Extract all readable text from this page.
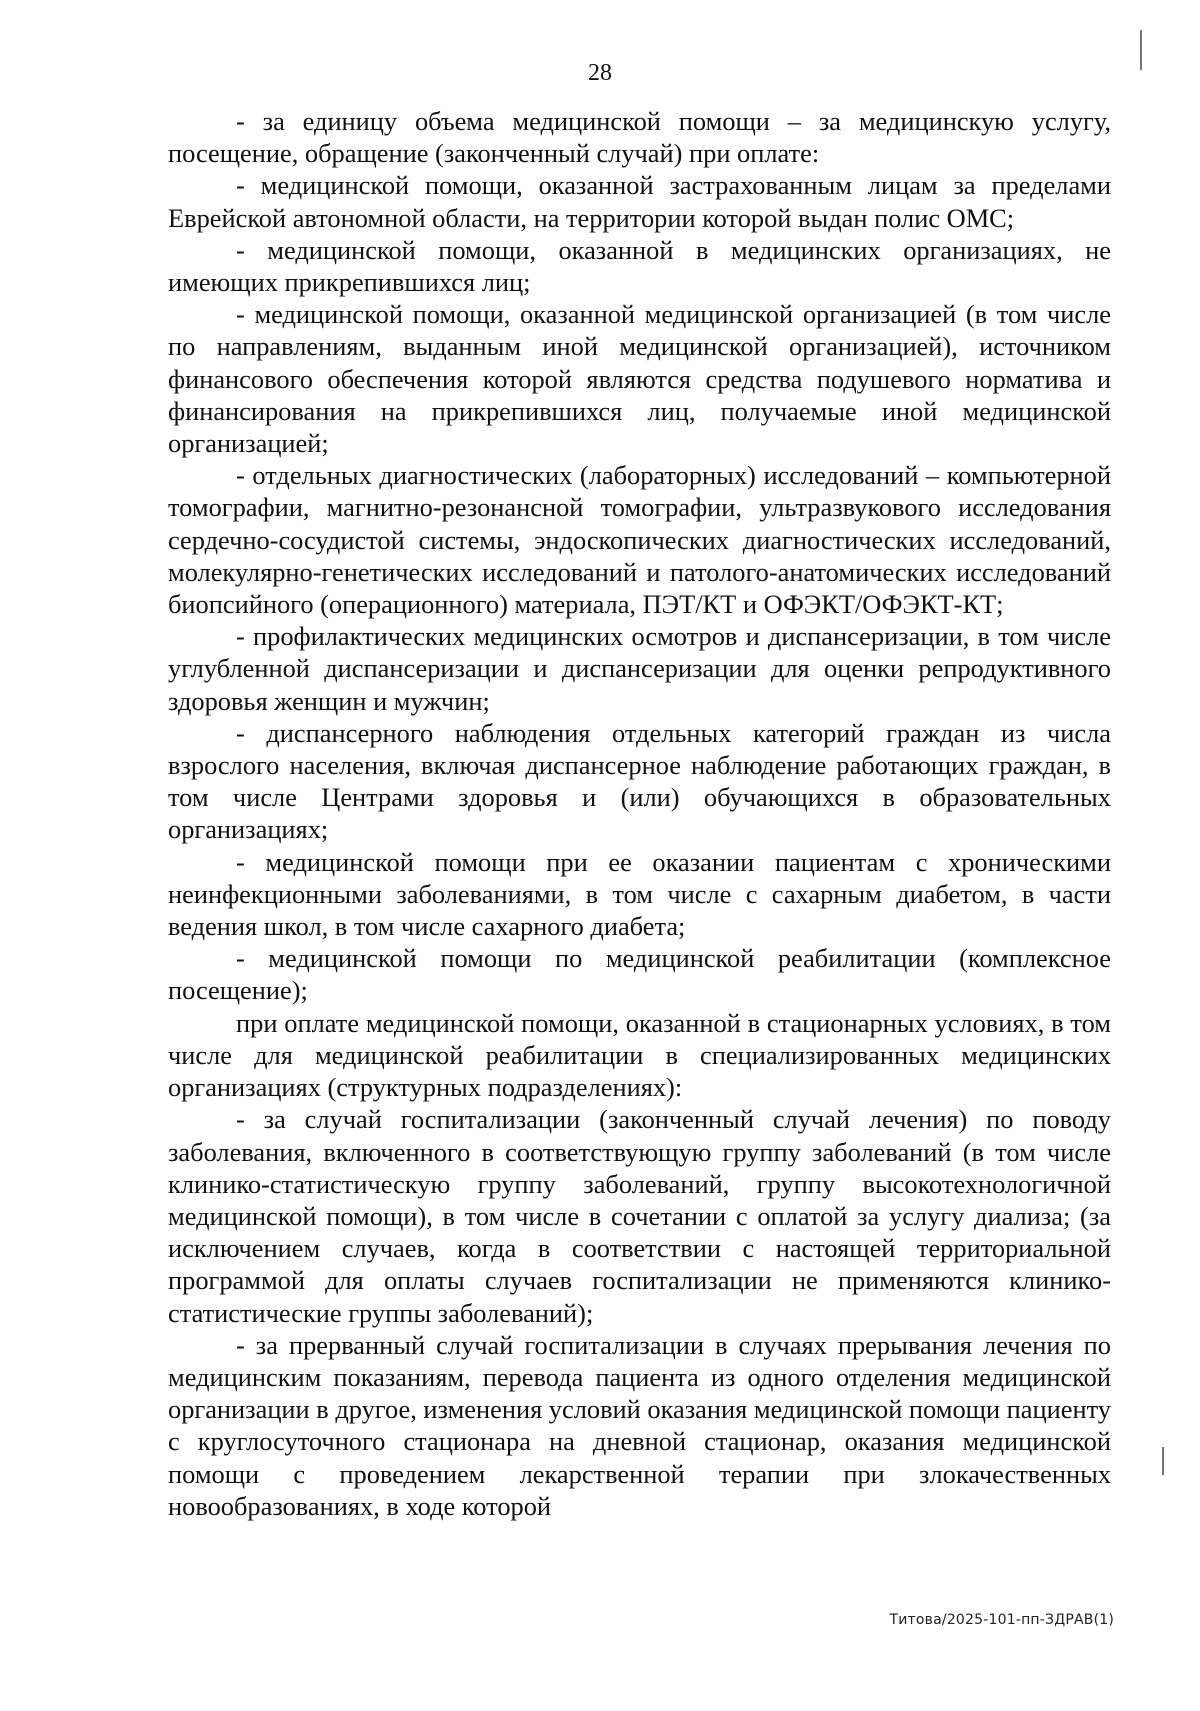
28

- за единицу объема медицинской помощи – за медицинскую услугу, посещение, обращение (законченный случай) при оплате:

- медицинской помощи, оказанной застрахованным лицам за пределами Еврейской автономной области, на территории которой выдан полис ОМС;

- медицинской помощи, оказанной в медицинских организациях, не имеющих прикрепившихся лиц;

- медицинской помощи, оказанной медицинской организацией (в том числе по направлениям, выданным иной медицинской организацией), источником финансового обеспечения которой являются средства подушевого норматива и финансирования на прикрепившихся лиц, получаемые иной медицинской организацией;

- отдельных диагностических (лабораторных) исследований – компьютерной томографии, магнитно-резонансной томографии, ультразвукового исследования сердечно-сосудистой системы, эндоскопических диагностических исследований, молекулярно-генетических исследований и патолого-анатомических исследований биопсийного (операционного) материала, ПЭТ/КТ и ОФЭКТ/ОФЭКТ-КТ;

- профилактических медицинских осмотров и диспансеризации, в том числе углубленной диспансеризации и диспансеризации для оценки репродуктивного здоровья женщин и мужчин;

- диспансерного наблюдения отдельных категорий граждан из числа взрослого населения, включая диспансерное наблюдение работающих граждан, в том числе Центрами здоровья и (или) обучающихся в образовательных организациях;

- медицинской помощи при ее оказании пациентам с хроническими неинфекционными заболеваниями, в том числе с сахарным диабетом, в части ведения школ, в том числе сахарного диабета;

- медицинской помощи по медицинской реабилитации (комплексное посещение);

при оплате медицинской помощи, оказанной в стационарных условиях, в том числе для медицинской реабилитации в специализированных медицинских организациях (структурных подразделениях):

- за случай госпитализации (законченный случай лечения) по поводу заболевания, включенного в соответствующую группу заболеваний (в том числе клинико-статистическую группу заболеваний, группу высокотехнологичной медицинской помощи), в том числе в сочетании с оплатой за услугу диализа; (за исключением случаев, когда в соответствии с настоящей территориальной программой для оплаты случаев госпитализации не применяются клинико-статистические группы заболеваний);

- за прерванный случай госпитализации в случаях прерывания лечения по медицинским показаниям, перевода пациента из одного отделения медицинской организации в другое, изменения условий оказания медицинской помощи пациенту с круглосуточного стационара на дневной стационар, оказания медицинской помощи с проведением лекарственной терапии при злокачественных новообразованиях, в ходе которой

Титова/2025-101-пп-ЗДРАВ(1)
